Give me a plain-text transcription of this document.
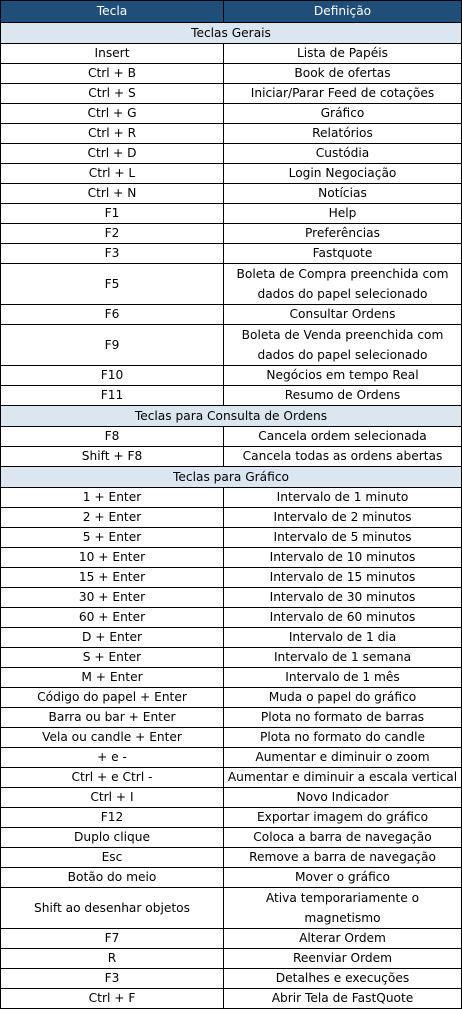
Tecla	Definição
Teclas Gerais	
Insert	Lista de Papéis
Ctrl + B	Book de ofertas
Ctrl + S	Iniciar/Parar Feed de cotações
Ctrl + G	Gráfico
Ctrl + R	Relatórios
Ctrl + D	Custódia
Ctrl + L	Login Negociação
Ctrl + N	Notícias
F1	Help
F2	Preferências
F3	Fastquote
F5	Boleta de Compra preenchida com dados do papel selecionado
F6	Consultar Ordens
F9	Boleta de Venda preenchida com dados do papel selecionado
F10	Negócios em tempo Real
F11	Resumo de Ordens
Teclas para Consulta de Ordens	
F8	Cancela ordem selecionada
Shift + F8	Cancela todas as ordens abertas
Teclas para Gráfico	
1 + Enter	Intervalo de 1 minuto
2 + Enter	Intervalo de 2 minutos
5 + Enter	Intervalo de 5 minutos
10 + Enter	Intervalo de 10 minutos
15 + Enter	Intervalo de 15 minutos
30 + Enter	Intervalo de 30 minutos
60 + Enter	Intervalo de 60 minutos
D + Enter	Intervalo de 1 dia
S + Enter	Intervalo de 1 semana
M + Enter	Intervalo de 1 mês
Código do papel + Enter	Muda o papel do gráfico
Barra ou bar + Enter	Plota no formato de barras
Vela ou candle + Enter	Plota no formato do candle
+ e -	Aumentar e diminuir o zoom
Ctrl + e Ctrl -	Aumentar e diminuir a escala vertical
Ctrl + I	Novo Indicador
F12	Exportar imagem do gráfico
Duplo clique	Coloca a barra de navegação
Esc	Remove a barra de navegação
Botão do meio	Mover o gráfico
Shift ao desenhar objetos	Ativa temporariamente o magnetismo
F7	Alterar Ordem
R	Reenviar Ordem
F3	Detalhes e execuções
Ctrl + F	Abrir Tela de FastQuote
